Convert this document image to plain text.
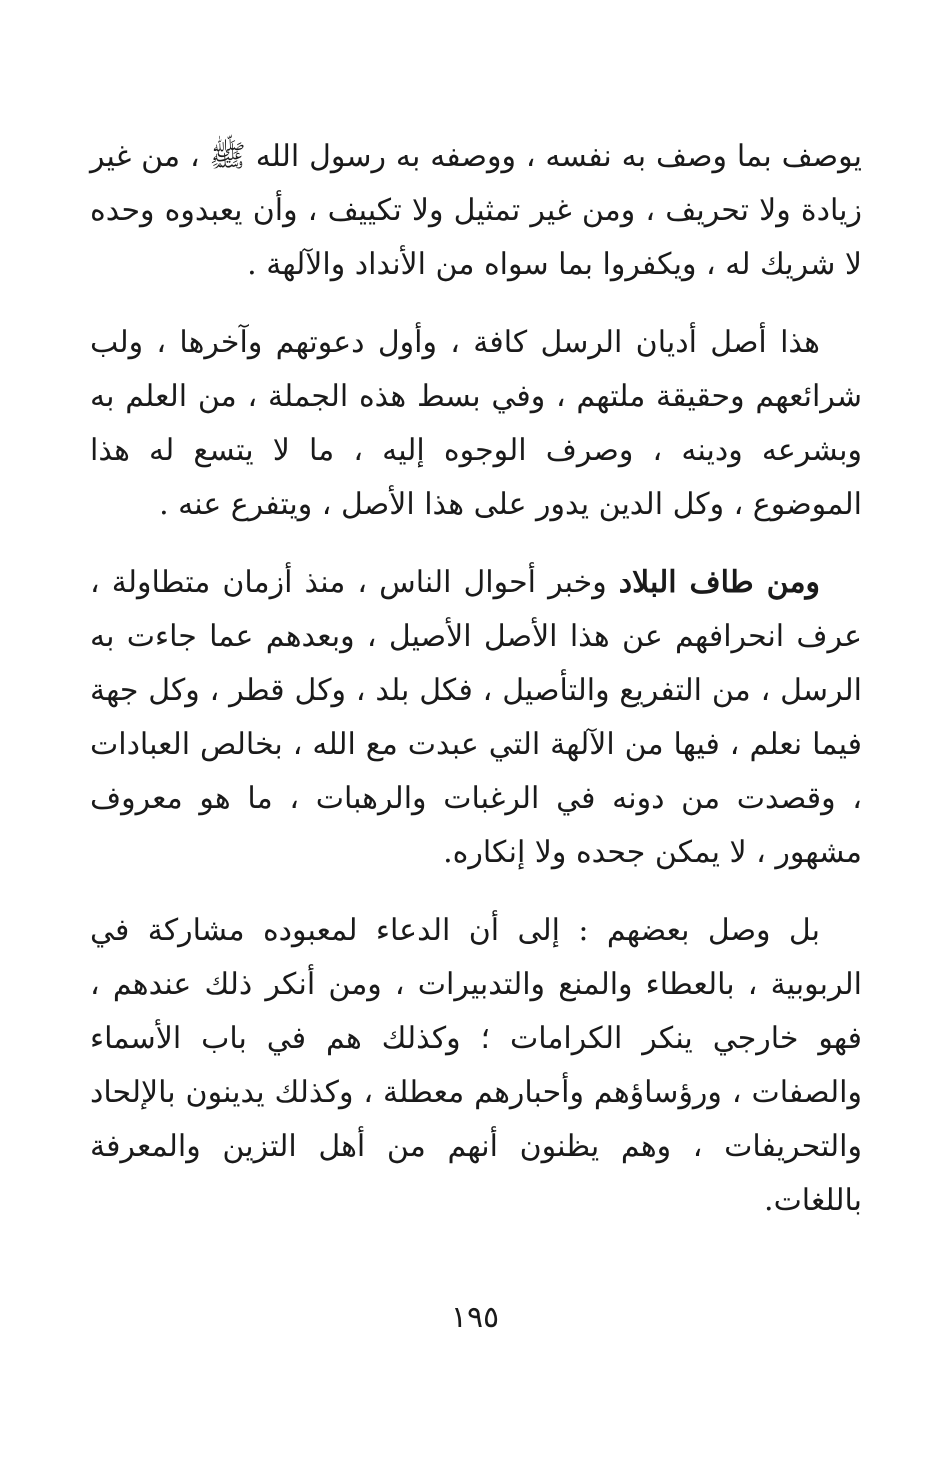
يوصف بما وصف به نفسه ، ووصفه به رسول الله ﷺ ، من غير زيادة ولا تحريف ، ومن غير تمثيل ولا تكييف ، وأن يعبدوه وحده لا شريك له ، ويكفروا بما سواه من الأنداد والآلهة .

هذا أصل أديان الرسل كافة ، وأول دعوتهم وآخرها ، ولب شرائعهم وحقيقة ملتهم ، وفي بسط هذه الجملة ، من العلم به وبشرعه ودينه ، وصرف الوجوه إليه ، ما لا يتسع له هذا الموضوع ، وكل الدين يدور على هذا الأصل ، ويتفرع عنه .

ومن طاف البلاد وخبر أحوال الناس ، منذ أزمان متطاولة ، عرف انحرافهم عن هذا الأصل الأصيل ، وبعدهم عما جاءت به الرسل ، من التفريع والتأصيل ، فكل بلد ، وكل قطر ، وكل جهة فيما نعلم ، فيها من الآلهة التي عبدت مع الله ، بخالص العبادات ، وقصدت من دونه في الرغبات والرهبات ، ما هو معروف مشهور ، لا يمكن جحده ولا إنكاره.

بل وصل بعضهم : إلى أن الدعاء لمعبوده مشاركة في الربوبية ، بالعطاء والمنع والتدبيرات ، ومن أنكر ذلك عندهم ، فهو خارجي ينكر الكرامات ؛ وكذلك هم في باب الأسماء والصفات ، ورؤساؤهم وأحبارهم معطلة ، وكذلك يدينون بالإلحاد والتحريفات ، وهم يظنون أنهم من أهل التزين والمعرفة باللغات.

١٩٥
